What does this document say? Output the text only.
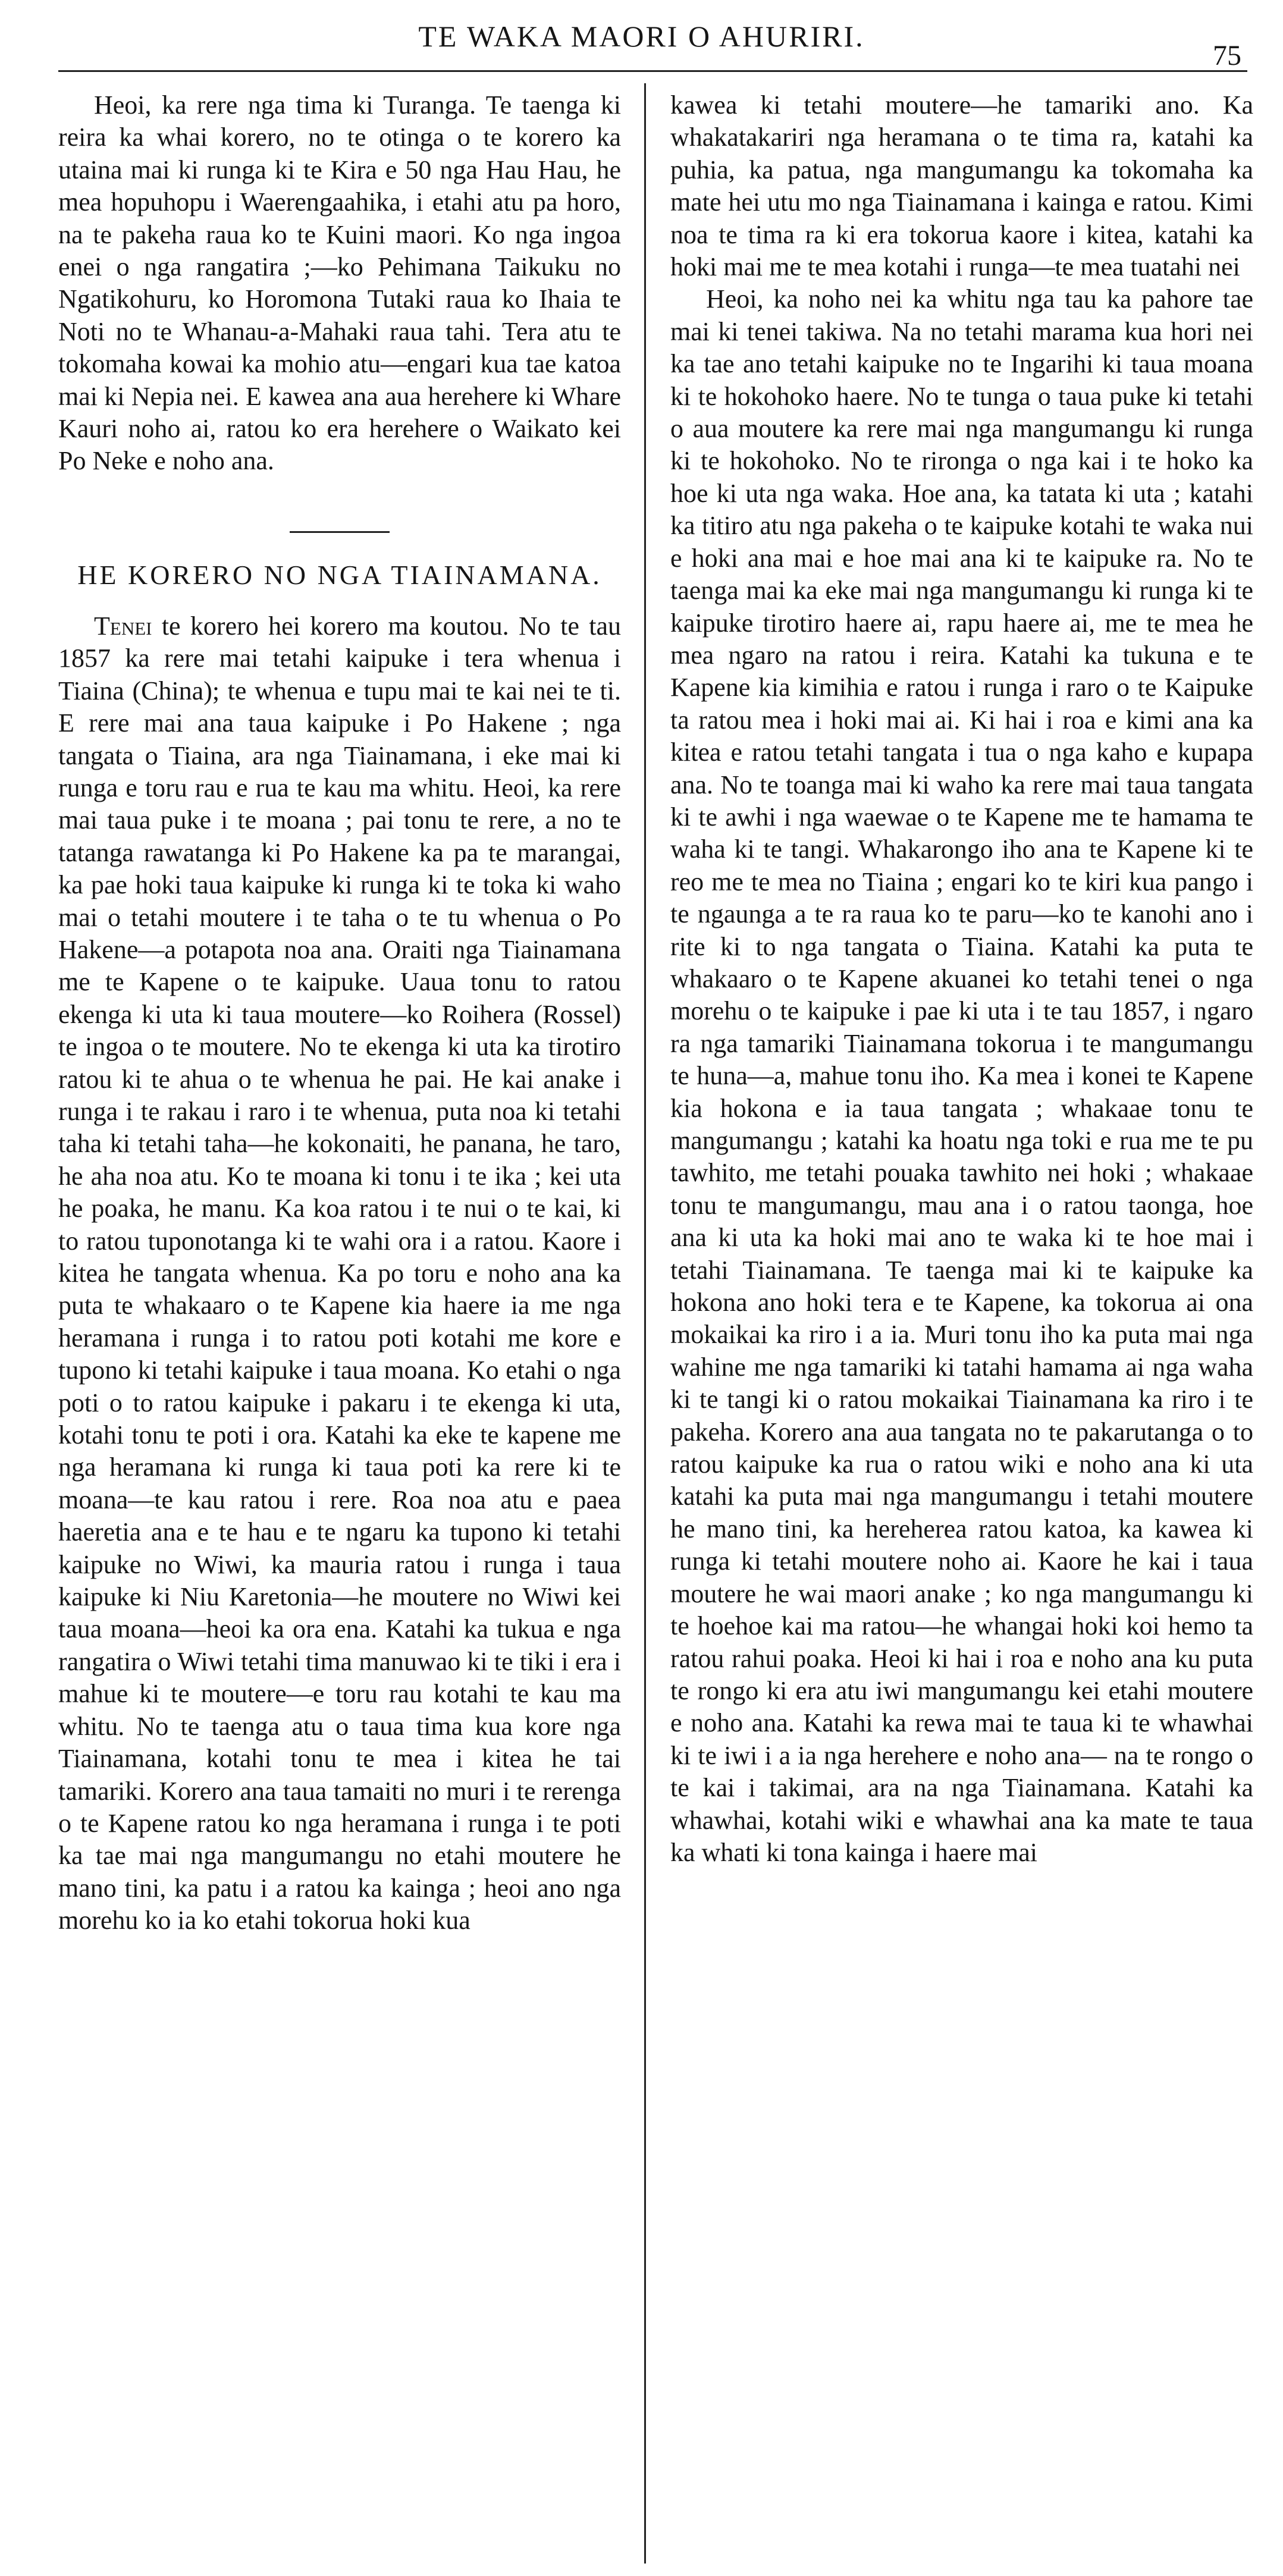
TE WAKA MAORI O AHURIRI.
75

Heoi, ka rere nga tima ki Turanga. Te taenga ki reira ka whai korero, no te otinga o te korero ka utaina mai ki runga ki te Kira e 50 nga Hau Hau, he mea hopuhopu i Waerengaahika, i etahi atu pa horo, na te pakeha raua ko te Kuini maori. Ko nga ingoa enei o nga rangatira ;—ko Pehimana Taikuku no Ngatikohuru, ko Horomona Tutaki raua ko Ihaia te Noti no te Whanau-a-Mahaki raua tahi. Tera atu te tokomaha kowai ka mohio atu—engari kua tae katoa mai ki Nepia nei. E kawea ana aua herehere ki Whare Kauri noho ai, ratou ko era herehere o Waikato kei Po Neke e noho ana.

HE KORERO NO NGA TIAINAMANA.

Tenei te korero hei korero ma koutou. No te tau 1857 ka rere mai tetahi kaipuke i tera whenua i Tiaina (China); te whenua e tupu mai te kai nei te ti. E rere mai ana taua kaipuke i Po Hakene ; nga tangata o Tiaina, ara nga Tiainamana, i eke mai ki runga e toru rau e rua te kau ma whitu. Heoi, ka rere mai taua puke i te moana ; pai tonu te rere, a no te tatanga rawatanga ki Po Hakene ka pa te marangai, ka pae hoki taua kaipuke ki runga ki te toka ki waho mai o tetahi moutere i te taha o te tu whenua o Po Hakene—a potapota noa ana. Oraiti nga Tiainamana me te Kapene o te kaipuke. Uaua tonu to ratou ekenga ki uta ki taua moutere—ko Roihera (Rossel) te ingoa o te moutere. No te ekenga ki uta ka tirotiro ratou ki te ahua o te whenua he pai. He kai anake i runga i te rakau i raro i te whenua, puta noa ki tetahi taha ki tetahi taha—he kokonaiti, he panana, he taro, he aha noa atu. Ko te moana ki tonu i te ika ; kei uta he poaka, he manu. Ka koa ratou i te nui o te kai, ki to ratou tuponotanga ki te wahi ora i a ratou. Kaore i kitea he tangata whenua. Ka po toru e noho ana ka puta te whakaaro o te Kapene kia haere ia me nga heramana i runga i to ratou poti kotahi me kore e tupono ki tetahi kaipuke i taua moana. Ko etahi o nga poti o to ratou kaipuke i pakaru i te ekenga ki uta, kotahi tonu te poti i ora. Katahi ka eke te kapene me nga heramana ki runga ki taua poti ka rere ki te moana—te kau ratou i rere. Roa noa atu e paea haeretia ana e te hau e te ngaru ka tupono ki tetahi kaipuke no Wiwi, ka mauria ratou i runga i taua kaipuke ki Niu Karetonia—he moutere no Wiwi kei taua moana—heoi ka ora ena. Katahi ka tukua e nga rangatira o Wiwi tetahi tima manuwao ki te tiki i era i mahue ki te moutere—e toru rau kotahi te kau ma whitu. No te taenga atu o taua tima kua kore nga Tiainamana, kotahi tonu te mea i kitea he tai tamariki. Korero ana taua tamaiti no muri i te rerenga o te Kapene ratou ko nga heramana i runga i te poti ka tae mai nga mangumangu no etahi moutere he mano tini, ka patu i a ratou ka kainga ; heoi ano nga morehu ko ia ko etahi tokorua hoki kua

kawea ki tetahi moutere—he tamariki ano. Ka whakatakariri nga heramana o te tima ra, katahi ka puhia, ka patua, nga mangumangu ka tokomaha ka mate hei utu mo nga Tiainamana i kainga e ratou. Kimi noa te tima ra ki era tokorua kaore i kitea, katahi ka hoki mai me te mea kotahi i runga—te mea tuatahi nei

Heoi, ka noho nei ka whitu nga tau ka pahore tae mai ki tenei takiwa. Na no tetahi marama kua hori nei ka tae ano tetahi kaipuke no te Ingarihi ki taua moana ki te hokohoko haere. No te tunga o taua puke ki tetahi o aua moutere ka rere mai nga mangumangu ki runga ki te hokohoko. No te rironga o nga kai i te hoko ka hoe ki uta nga waka. Hoe ana, ka tatata ki uta ; katahi ka titiro atu nga pakeha o te kaipuke kotahi te waka nui e hoki ana mai e hoe mai ana ki te kaipuke ra. No te taenga mai ka eke mai nga mangumangu ki runga ki te kaipuke tirotiro haere ai, rapu haere ai, me te mea he mea ngaro na ratou i reira. Katahi ka tukuna e te Kapene kia kimihia e ratou i runga i raro o te Kaipuke ta ratou mea i hoki mai ai. Ki hai i roa e kimi ana ka kitea e ratou tetahi tangata i tua o nga kaho e kupapa ana. No te toanga mai ki waho ka rere mai taua tangata ki te awhi i nga waewae o te Kapene me te hamama te waha ki te tangi. Whakarongo iho ana te Kapene ki te reo me te mea no Tiaina ; engari ko te kiri kua pango i te ngaunga a te ra raua ko te paru—ko te kanohi ano i rite ki to nga tangata o Tiaina. Katahi ka puta te whakaaro o te Kapene akuanei ko tetahi tenei o nga morehu o te kaipuke i pae ki uta i te tau 1857, i ngaro ra nga tamariki Tiainamana tokorua i te mangumangu te huna—a, mahue tonu iho. Ka mea i konei te Kapene kia hokona e ia taua tangata ; whakaae tonu te mangumangu ; katahi ka hoatu nga toki e rua me te pu tawhito, me tetahi pouaka tawhito nei hoki ; whakaae tonu te mangumangu, mau ana i o ratou taonga, hoe ana ki uta ka hoki mai ano te waka ki te hoe mai i tetahi Tiainamana. Te taenga mai ki te kaipuke ka hokona ano hoki tera e te Kapene, ka tokorua ai ona mokaikai ka riro i a ia. Muri tonu iho ka puta mai nga wahine me nga tamariki ki tatahi hamama ai nga waha ki te tangi ki o ratou mokaikai Tiainamana ka riro i te pakeha. Korero ana aua tangata no te pakarutanga o to ratou kaipuke ka rua o ratou wiki e noho ana ki uta katahi ka puta mai nga mangumangu i tetahi moutere he mano tini, ka hereherea ratou katoa, ka kawea ki runga ki tetahi moutere noho ai. Kaore he kai i taua moutere he wai maori anake ; ko nga mangumangu ki te hoehoe kai ma ratou—he whangai hoki koi hemo ta ratou rahui poaka. Heoi ki hai i roa e noho ana ku puta te rongo ki era atu iwi mangumangu kei etahi moutere e noho ana. Katahi ka rewa mai te taua ki te whawhai ki te iwi i a ia nga herehere e noho ana— na te rongo o te kai i takimai, ara na nga Tiainamana. Katahi ka whawhai, kotahi wiki e whawhai ana ka mate te taua ka whati ki tona kainga i haere mai
